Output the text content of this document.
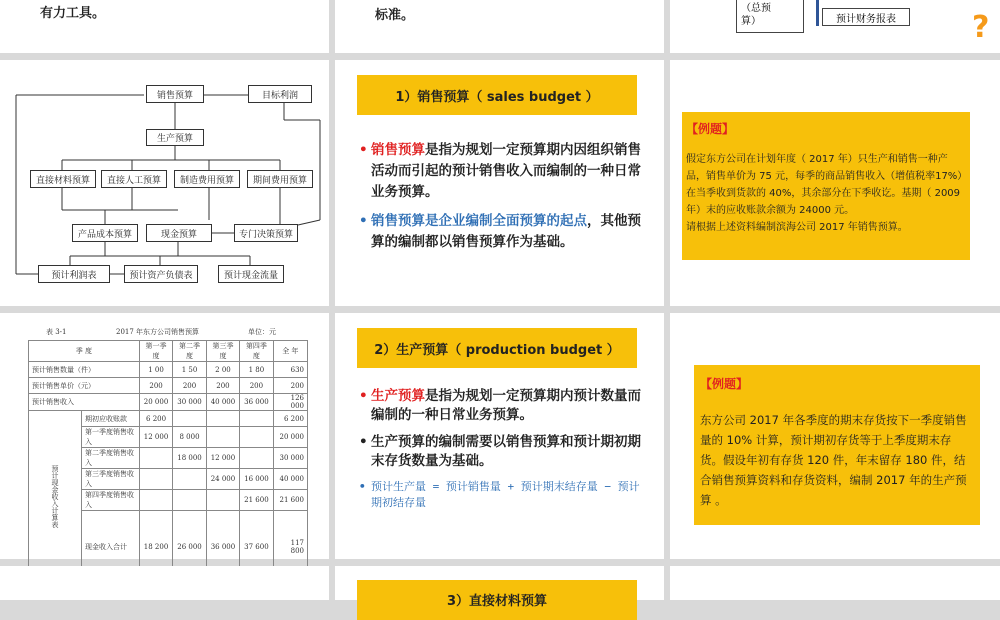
有力工具。	标准。	（总预
算）	预计财务报表	?
销售预算	目标利润
生产预算
直接材料预算	直接人工预算	制造费用预算	期间费用预算
产品成本预算	现金预算	专门决策预算
预计利润表	预计资产负债表	预计现金流量
1）销售预算（ sales budget ）
• 销售预算是指为规划一定预算期内因组织销售活动而引起的预计销售收入而编制的一种日常业务预算。
• 销售预算是企业编制全面预算的起点，其他预算的编制都以销售预算作为基础。
【例题】
假定东方公司在计划年度（ 2017 年）只生产和销售一种产品，销售单价为 75 元，每季的商品销售收入（增值税率17%）在当季收到货款的 40%，其余部分在下季收讫。基期（ 2009 年）末的应收账款余额为 24000 元。
请根据上述资料编制滨海公司 2017 年销售预算。
表 3-1	2017 年东方公司销售预算	单位：元
季 度		第一季度	第二季度	第三季度	第四季度	全 年
预计销售数量（件）		1 00	1 50	2 00	1 80	630
预计销售单价（元）		200	200	200	200	200
预计销售收入		20 000	30 000	40 000	36 000	126 000
预计现金收入计算表	期初应收账款	6 200				6 200
	第一季度销售收入	12 000	8 000			20 000
	第二季度销售收入		18 000	12 000		30 000
	第三季度销售收入			24 000	16 000	40 000
	第四季度销售收入				21 600	21 600
	现金收入合计	18 200	26 000	36 000	37 600	117 800
2）生产预算（ production budget ）
• 生产预算是指为规划一定预算期内预计数量而编制的一种日常业务预算。
• 生产预算的编制需要以销售预算和预计期初期末存货数量为基础。
• 预计生产量 = 预计销售量 + 预计期末结存量 − 预计期初结存量
【例题】
东方公司 2017 年各季度的期末存货按下一季度销售量的 10% 计算，预计期初存货等于上季度期末存货。假设年初有存货 120 件，年末留存 180 件，结合销售预算资料和存货资料，编制 2017 年的生产预算 。
3）直接材料预算
